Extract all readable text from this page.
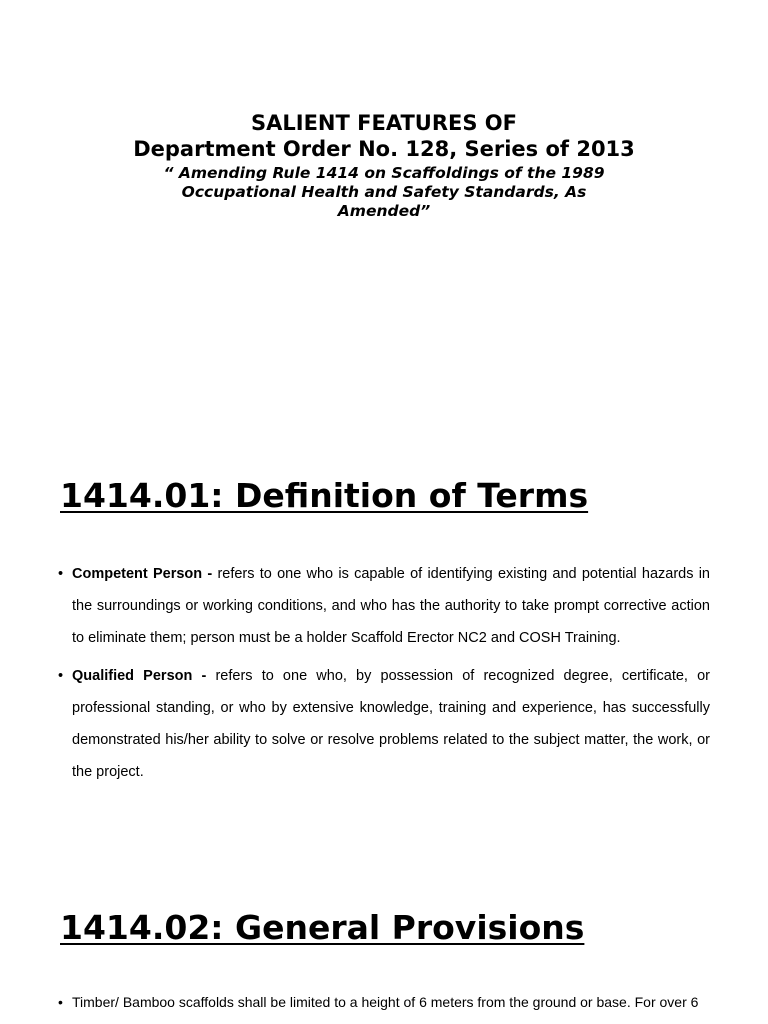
SALIENT FEATURES OF

Department Order No. 128, Series of 2013

“ Amending Rule 1414 on Scaffoldings of the 1989 Occupational Health and Safety Standards, As Amended”

1414.01: Definition of Terms
• Competent Person - refers to one who is capable of identifying existing and potential hazards in the surroundings or working conditions, and who has the authority to take prompt corrective action to eliminate them; person must be a holder Scaffold Erector NC2 and COSH Training.
• Qualified Person - refers to one who, by possession of recognized degree, certificate, or professional standing, or who by extensive knowledge, training and experience, has successfully demonstrated his/her ability to solve or resolve problems related to the subject matter, the work, or the project.
1414.02: General Provisions
• Timber/ Bamboo scaffolds shall be limited to a height of 6 meters from the ground or base. For over 6
